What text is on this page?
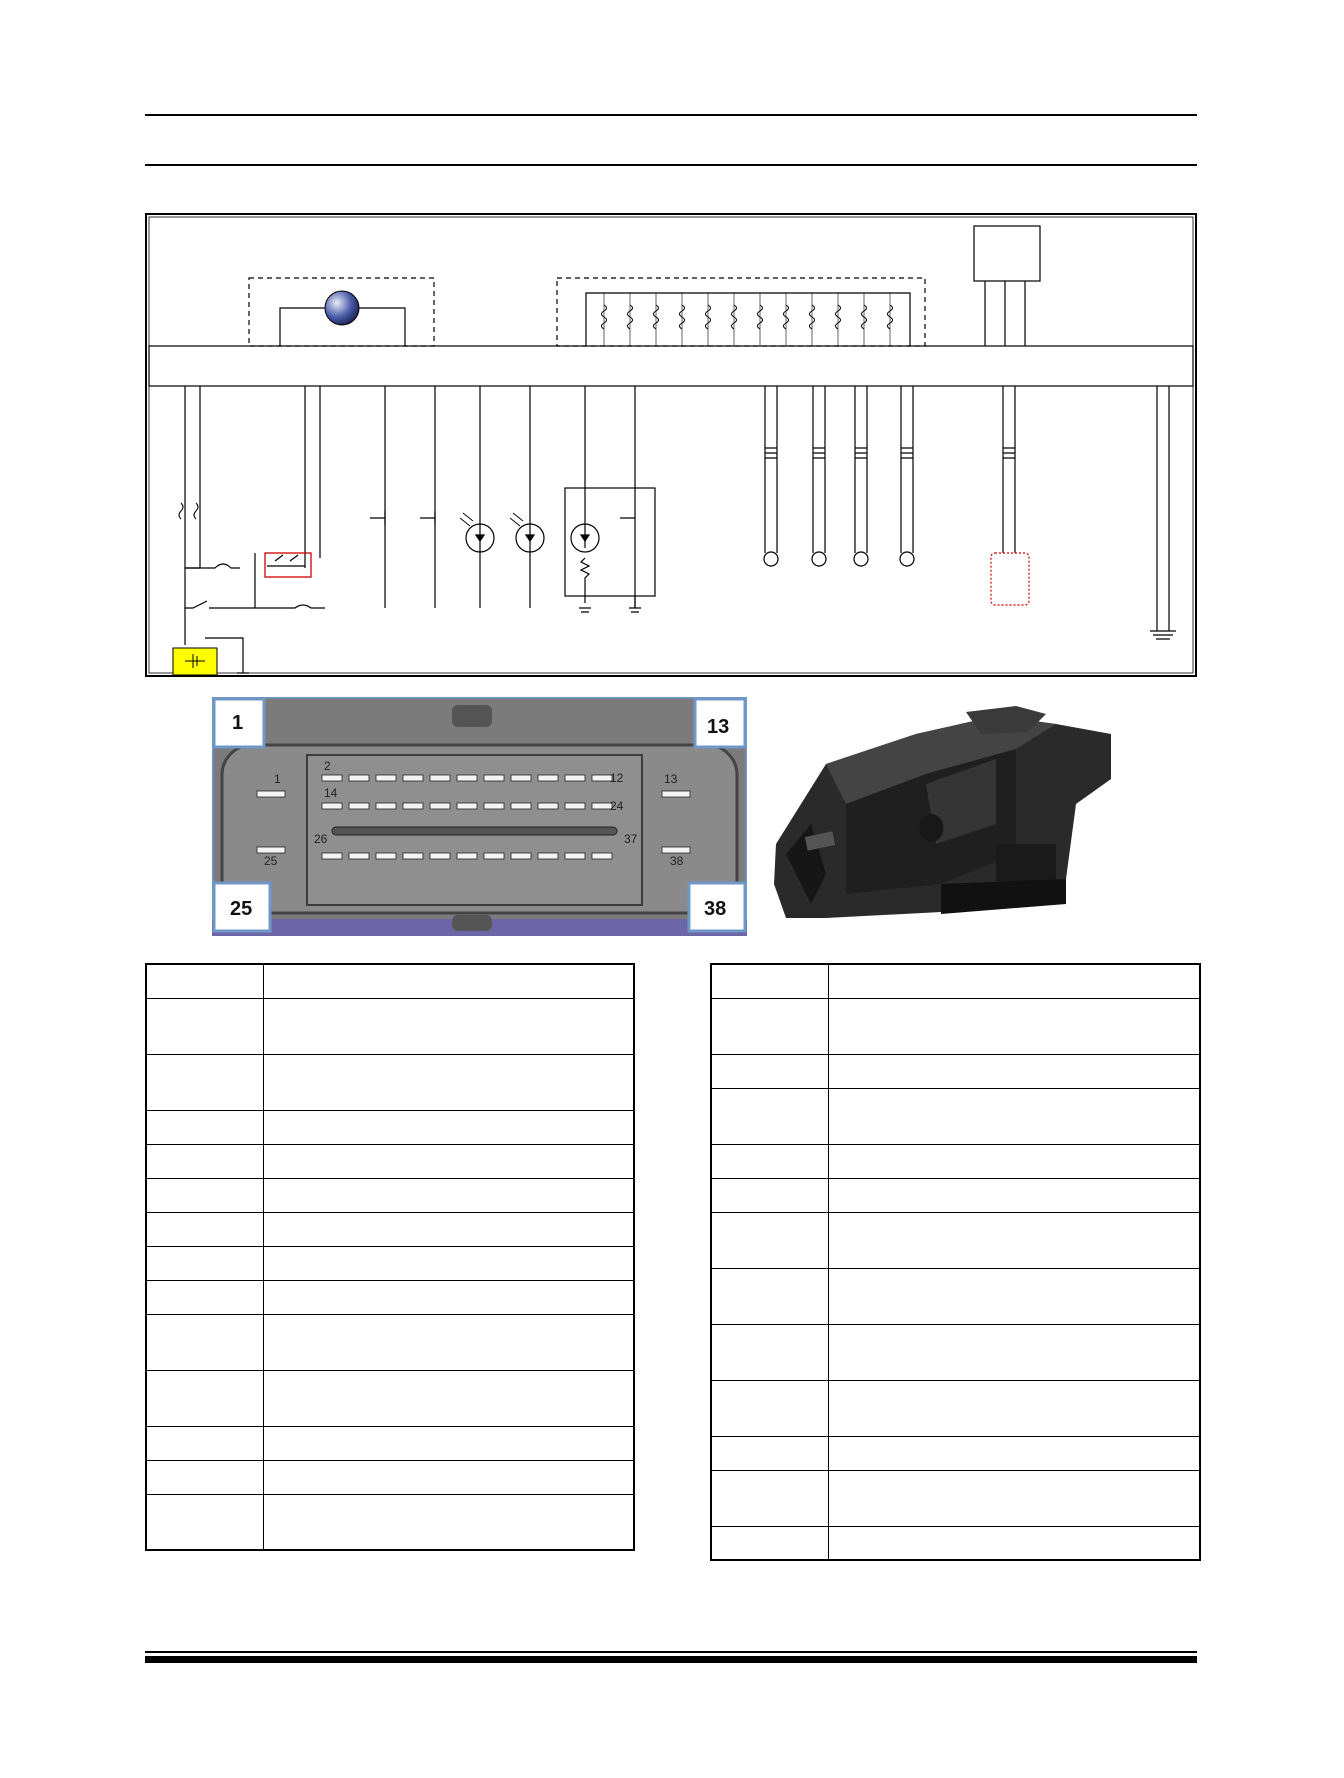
1	13
25	38
1
2
12	13
14
24
25
26	37
38
